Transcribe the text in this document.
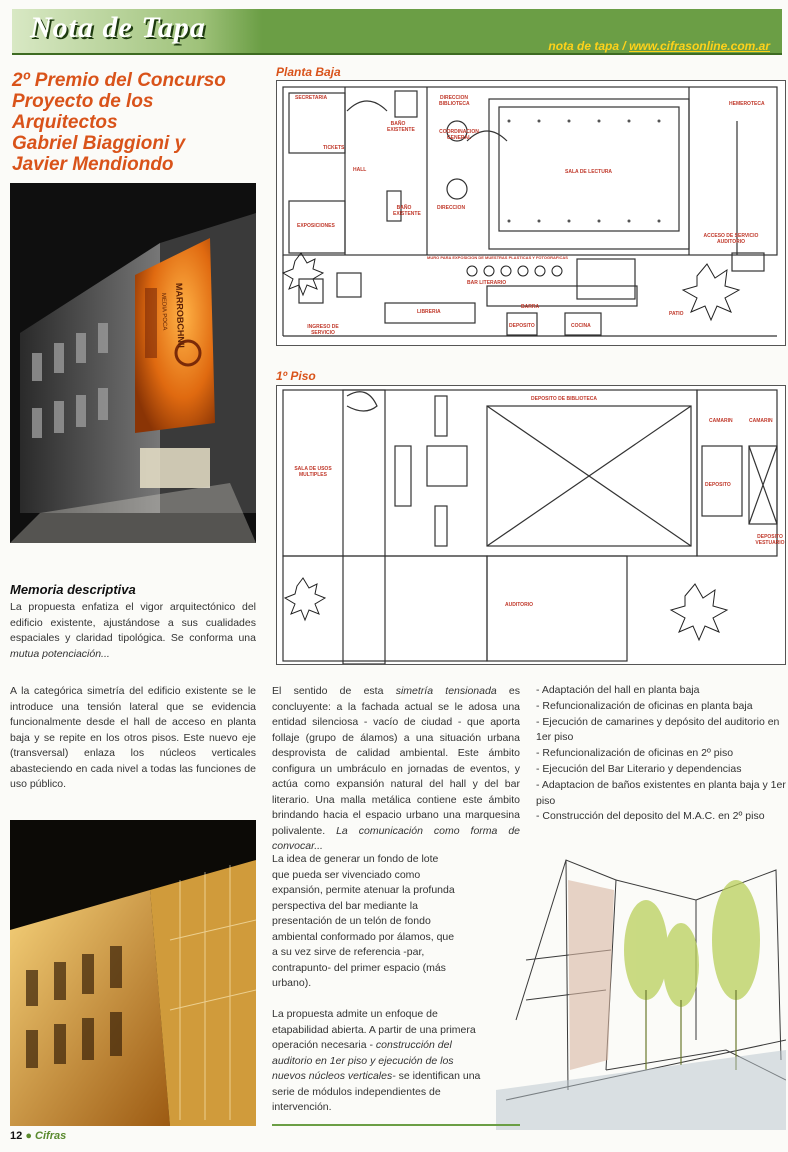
Nota de Tapa
nota de tapa / www.cifrasonline.com.ar
2º Premio del Concurso
Proyecto de los Arquitectos
Gabriel Biaggioni y
Javier Mendiondo
MARROBCHNII
MEDIA POCA
Planta Baja
SECRETARIA	DIRECCION BIBLIOTECA	HEMEROTECA
BAÑO EXISTENTE	COORDINACION GENERAL
TICKETS
HALL	SALA DE LECTURA
EXPOSICIONES
BAÑO EXISTENTE
DIRECCION
ACCESO DE SERVICIO AUDITORIO
MURO PARA EXPOSICION DE MUESTRAS PLASTICAS Y FOTOGRAFICAS
BAR LITERARIO
BARRA
LIBRERIA
INGRESO DE SERVICIO
DEPOSITO	COCINA
PATIO
1º Piso
DEPOSITO DE BIBLIOTECA
CAMARIN	CAMARIN
SALA DE USOS MULTIPLES
DEPOSITO
DEPOSITO VESTUARIO
AUDITORIO
Memoria descriptiva

La propuesta enfatiza el vigor arquitectónico del edificio existente, ajustándose a sus cualidades espaciales y claridad tipológica. Se conforma una mutua potenciación...

A la categórica simetría del edificio existente se le introduce una tensión lateral que se evidencia funcionalmente desde el hall de acceso en planta baja y se repite en los otros pisos. Este nuevo eje (transversal) enlaza los núcleos verticales abasteciendo en cada nivel a todas las funciones de uso público.

El sentido de esta simetría tensionada es concluyente: a la fachada actual se le adosa una entidad silenciosa - vacío de ciudad - que aporta follaje (grupo de álamos) a una situación urbana desprovista de calidad ambiental. Este ámbito configura un umbráculo en jornadas de eventos, y actúa como expansión natural del hall y del bar literario. Una malla metálica contiene este ámbito brindando hacia el espacio urbano una marquesina polivalente. La comunicación como forma de convocar...

La idea de generar un fondo de lote que pueda ser vivenciado como expansión, permite atenuar la profunda perspectiva del bar mediante la presentación de un telón de fondo ambiental conformado por álamos, que a su vez sirve de referencia -par, contrapunto- del primer espacio (más urbano).

La propuesta admite un enfoque de etapabilidad abierta. A partir de una primera operación necesaria - construcción del auditorio en 1er piso y ejecución de los nuevos núcleos verticales- se identifican una serie de módulos independientes de intervención.

- Adaptación del hall en planta baja
- Refuncionalización de oficinas en planta baja
- Ejecución de camarines y depósito del auditorio en 1er piso
- Refuncionalización de oficinas en 2º piso
- Ejecución del Bar Literario y dependencias
- Adaptacion de baños existentes en planta baja y 1er piso
- Construcción del deposito del M.A.C. en 2º piso
12 ● Cifras
